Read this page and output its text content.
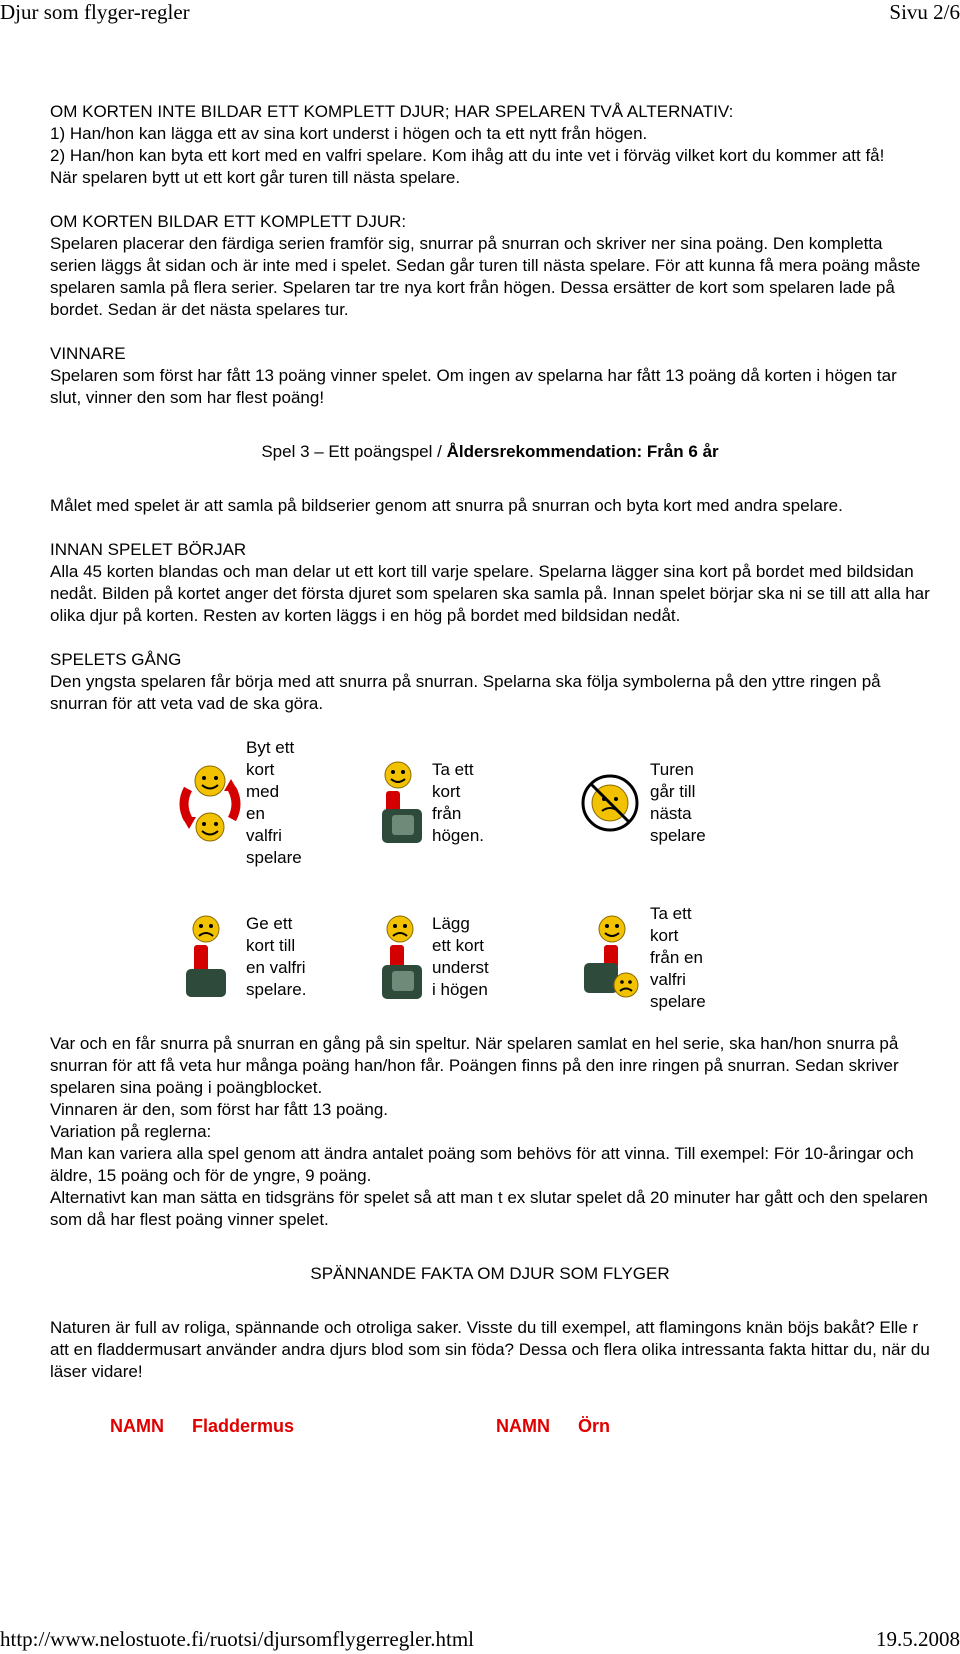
Djur som flyger-regler	Sivu 2/6

OM KORTEN INTE BILDAR ETT KOMPLETT DJUR; HAR SPELAREN TVÅ ALTERNATIV:

1) Han/hon kan lägga ett av sina kort underst i högen och ta ett nytt från högen.

2) Han/hon kan byta ett kort med en valfri spelare. Kom ihåg att du inte vet i förväg vilket kort du kommer att få!

När spelaren bytt ut ett kort går turen till nästa spelare.

OM KORTEN BILDAR ETT KOMPLETT DJUR:

Spelaren placerar den färdiga serien framför sig, snurrar på snurran och skriver ner sina poäng. Den kompletta serien läggs åt sidan och är inte med i spelet. Sedan går turen till nästa spelare. För att kunna få mera poäng måste spelaren samla på flera serier. Spelaren tar tre nya kort från högen. Dessa ersätter de kort som spelaren lade på bordet. Sedan är det nästa spelares tur.

VINNARE

Spelaren som först har fått 13 poäng vinner spelet. Om ingen av spelarna har fått 13 poäng då korten i högen tar slut, vinner den som har flest poäng!

Spel 3 – Ett poängspel / Åldersrekommendation: Från 6 år

Målet med spelet är att samla på bildserier genom att snurra på snurran och byta kort med andra spelare.

INNAN SPELET BÖRJAR

Alla 45 korten blandas och man delar ut ett kort till varje spelare. Spelarna lägger sina kort på bordet med bildsidan nedåt. Bilden på kortet anger det första djuret som spelaren ska samla på. Innan spelet börjar ska ni se till att alla har olika djur på korten. Resten av korten läggs i en hög på bordet med bildsidan nedåt.

SPELETS GÅNG

Den yngsta spelaren får börja med att snurra på snurran. Spelarna ska följa symbolerna på den yttre ringen på snurran för att veta vad de ska göra.

Byt ett
kort
med
en
valfri
spelare
Ta ett
kort
från
högen.
Turen
går till
nästa
spelare
Ge ett
kort till
en valfri
spelare.
Lägg
ett kort
underst
i högen
Ta ett
kort
från en
valfri
spelare

Var och en får snurra på snurran en gång på sin speltur. När spelaren samlat en hel serie, ska han/hon snurra på snurran för att få veta hur många poäng han/hon får. Poängen finns på den inre ringen på snurran. Sedan skriver spelaren sina poäng i poängblocket.

Vinnaren är den, som först har fått 13 poäng.

Variation på reglerna:

Man kan variera alla spel genom att ändra antalet poäng som behövs för att vinna. Till exempel: För 10-åringar och äldre, 15 poäng och för de yngre, 9 poäng.

Alternativt kan man sätta en tidsgräns för spelet så att man t ex slutar spelet då 20 minuter har gått och den spelaren som då har flest poäng vinner spelet.

SPÄNNANDE FAKTA OM DJUR SOM FLYGER

Naturen är full av roliga, spännande och otroliga saker. Visste du till exempel, att flamingons knän böjs bakåt? Elle r att en fladdermusart använder andra djurs blod som sin föda? Dessa och flera olika intressanta fakta hittar du, när du läser vidare!

NAMN Fladdermus	NAMN Örn
http://www.nelostuote.fi/ruotsi/djursomflygerregler.html	19.5.2008
